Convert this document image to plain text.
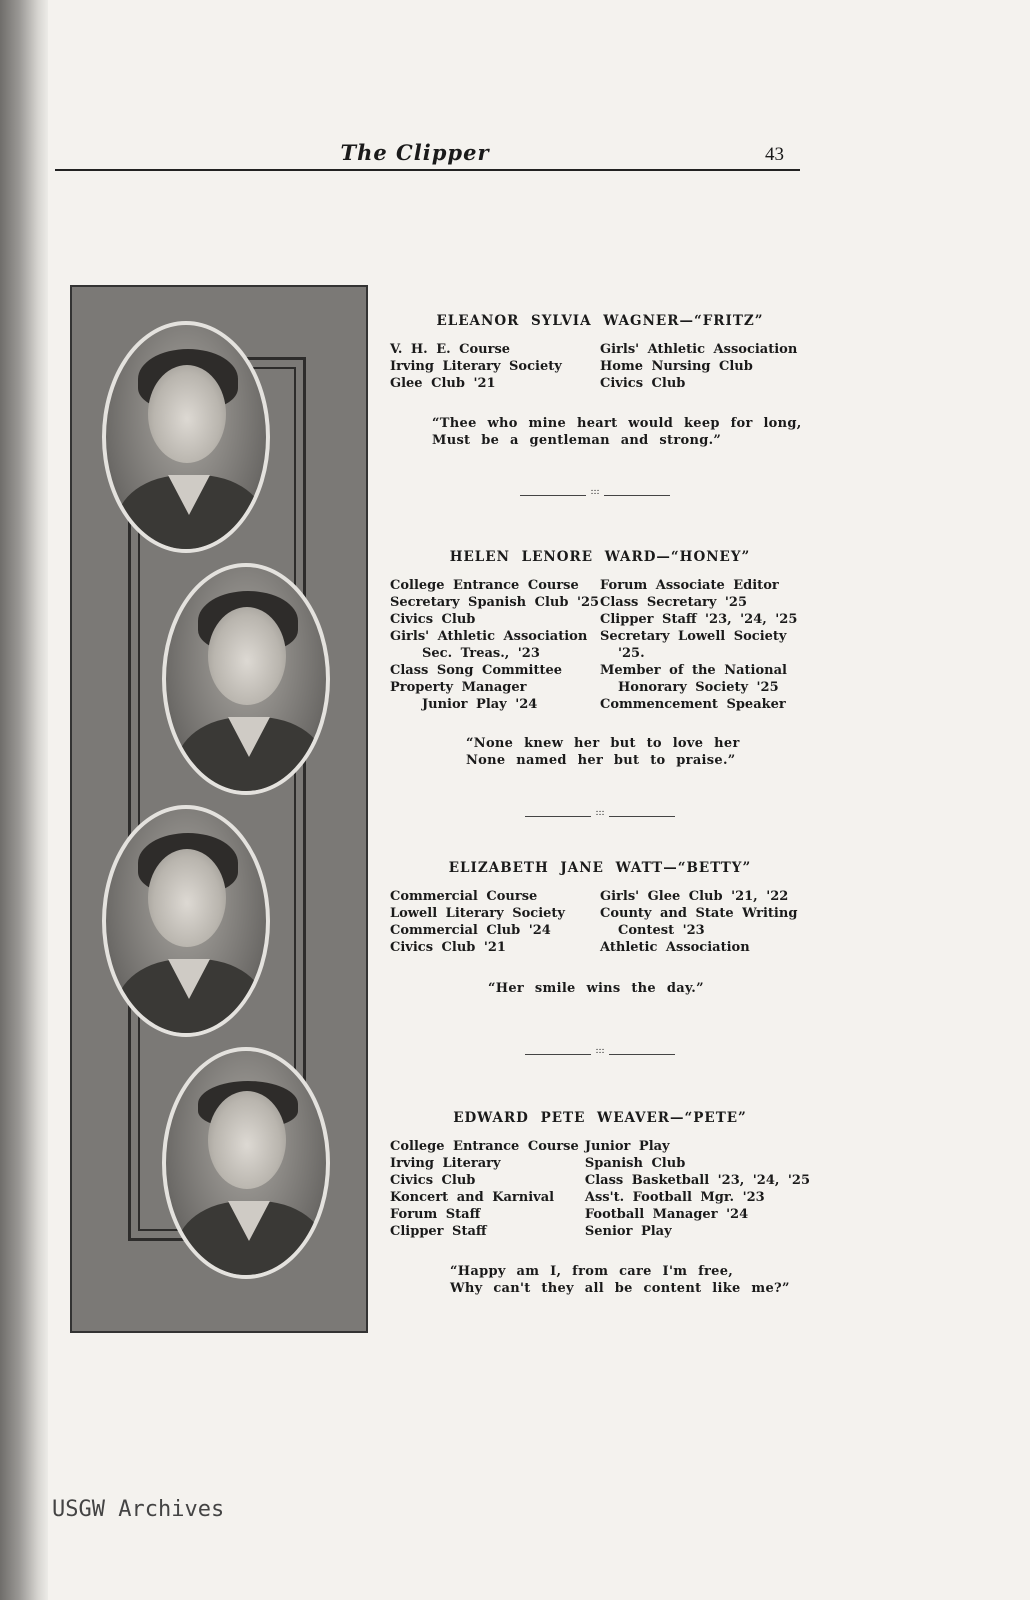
The Clipper	43
ELEANOR SYLVIA WAGNER—“FRITZ”
V. H. E. Course
Irving Literary Society
Glee Club '21
Girls' Athletic Association
Home Nursing Club
Civics Club
“Thee who mine heart would keep for long,
Must be a gentleman and strong.”
:::
HELEN LENORE WARD—“HONEY”
College Entrance Course
Secretary Spanish Club '25
Civics Club
Girls' Athletic Association
Sec. Treas., '23
Class Song Committee
Property Manager
Junior Play '24
Forum Associate Editor
Class Secretary '25
Clipper Staff '23, '24, '25
Secretary Lowell Society
'25.
Member of the National
Honorary Society '25
Commencement Speaker
“None knew her but to love her
None named her but to praise.”
:::
ELIZABETH JANE WATT—“BETTY”
Commercial Course
Lowell Literary Society
Commercial Club '24
Civics Club '21
Girls' Glee Club '21, '22
County and State Writing
Contest '23
Athletic Association
“Her smile wins the day.”
:::
EDWARD PETE WEAVER—“PETE”
College Entrance Course
Irving Literary
Civics Club
Koncert and Karnival
Forum Staff
Clipper Staff
Junior Play
Spanish Club
Class Basketball '23, '24, '25
Ass't. Football Mgr. '23
Football Manager '24
Senior Play
“Happy am I, from care I'm free,
Why can't they all be content like me?”
USGW Archives
